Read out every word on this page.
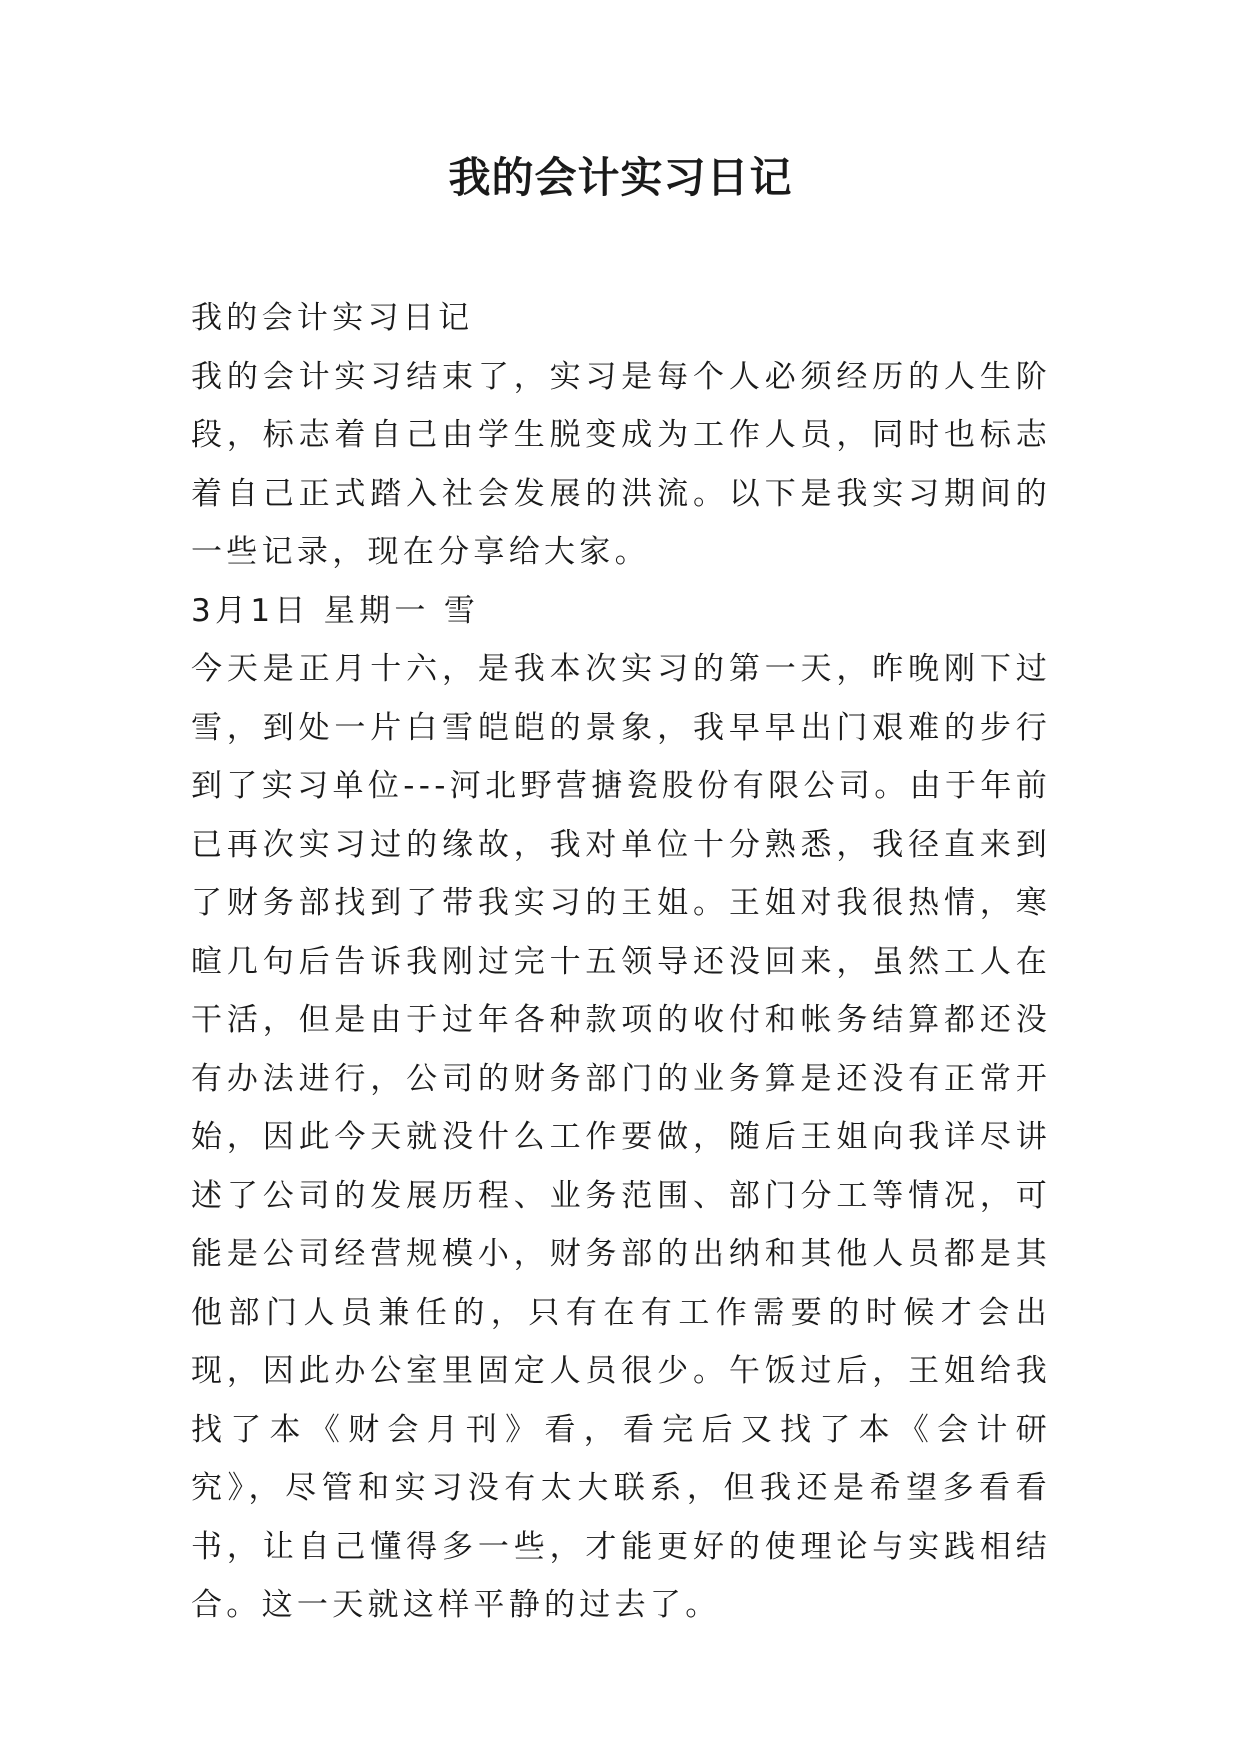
我的会计实习日记

我的会计实习日记

我的会计实习结束了，实习是每个人必须经历的人生阶段，标志着自己由学生脱变成为工作人员，同时也标志着自己正式踏入社会发展的洪流。以下是我实习期间的一些记录，现在分享给大家。

3月1日 星期一 雪

今天是正月十六，是我本次实习的第一天，昨晚刚下过雪，到处一片白雪皑皑的景象，我早早出门艰难的步行到了实习单位---河北野营搪瓷股份有限公司。由于年前已再次实习过的缘故，我对单位十分熟悉，我径直来到了财务部找到了带我实习的王姐。王姐对我很热情，寒暄几句后告诉我刚过完十五领导还没回来，虽然工人在干活，但是由于过年各种款项的收付和帐务结算都还没有办法进行，公司的财务部门的业务算是还没有正常开始，因此今天就没什么工作要做，随后王姐向我详尽讲述了公司的发展历程、业务范围、部门分工等情况，可能是公司经营规模小，财务部的出纳和其他人员都是其他部门人员兼任的，只有在有工作需要的时候才会出现，因此办公室里固定人员很少。午饭过后，王姐给我找了本《财会月刊》看，看完后又找了本《会计研究》，尽管和实习没有太大联系，但我还是希望多看看书，让自己懂得多一些，才能更好的使理论与实践相结合。这一天就这样平静的过去了。
